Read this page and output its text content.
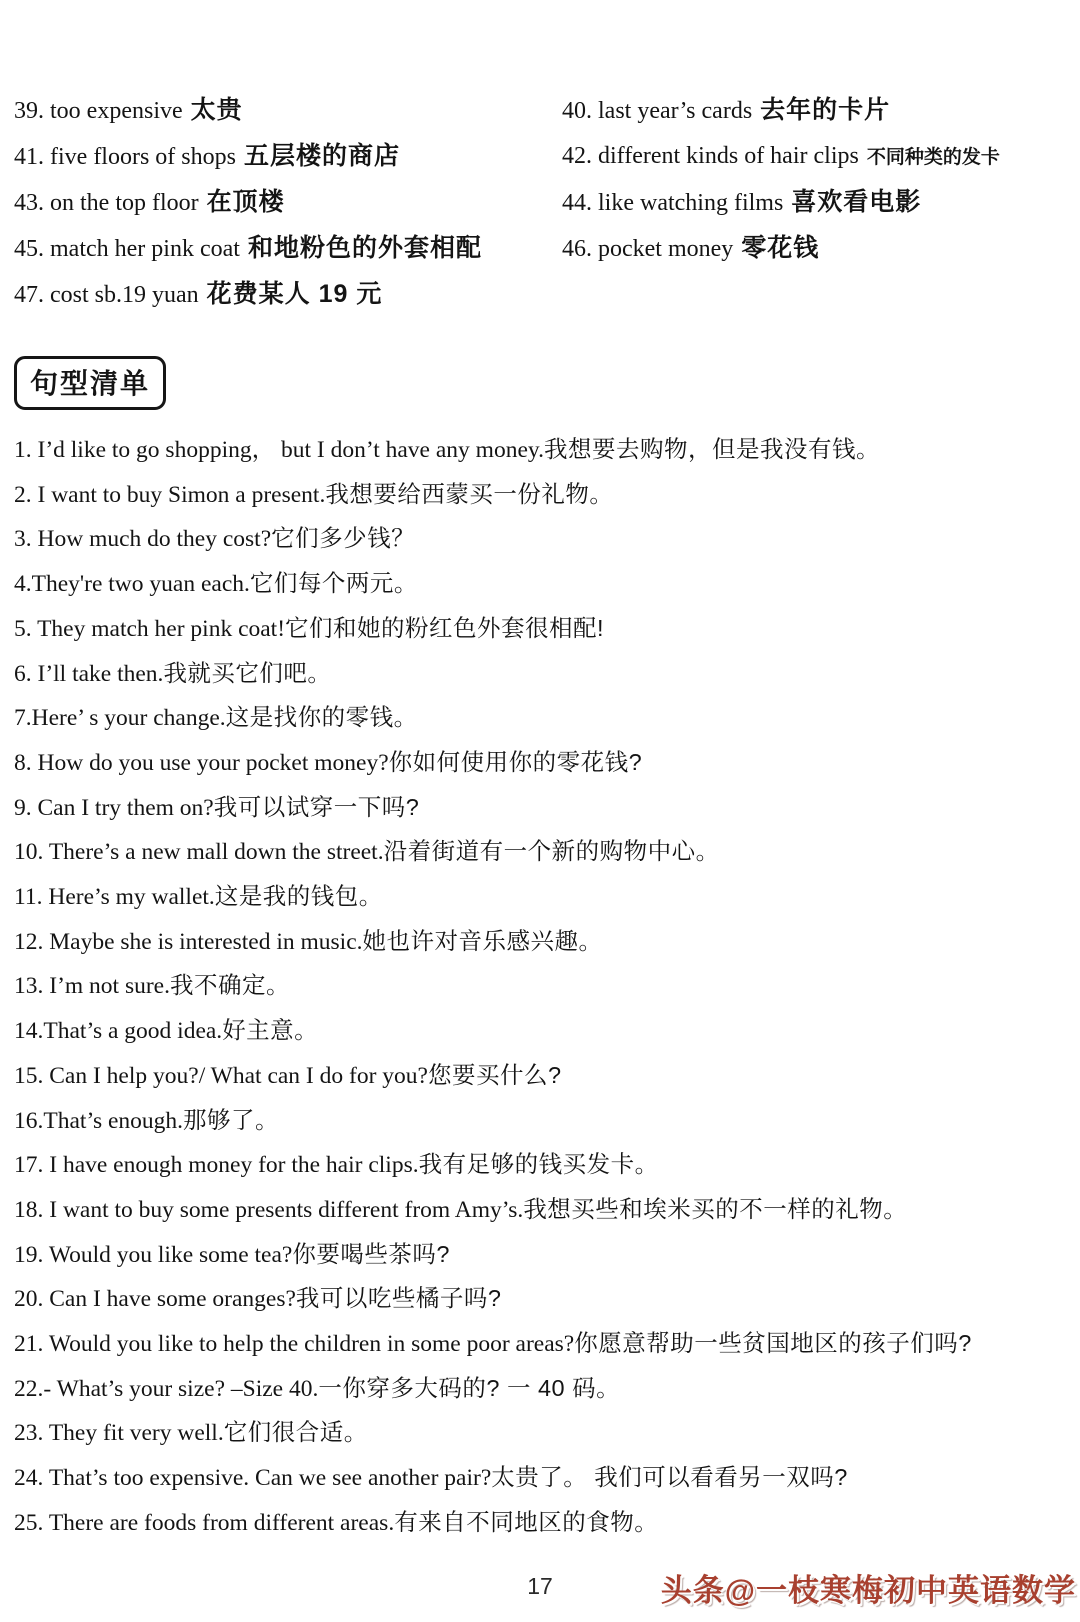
39. too expensive 太贵
41. five floors of shops 五层楼的商店
43. on the top floor 在顶楼
45. match her pink coat 和地粉色的外套相配
47. cost sb.19 yuan 花费某人 19 元
40. last year’s cards 去年的卡片
42. different kinds of hair clips 不同种类的发卡
44. like watching films 喜欢看电影
46. pocket money 零花钱
句型清单
1. I’d like to go shopping， but I don’t have any money.我想要去购物，但是我没有钱。
2. I want to buy Simon a present.我想要给西蒙买一份礼物。
3. How much do they cost?它们多少钱？
4.They're two yuan each.它们每个两元。
5. They match her pink coat!它们和她的粉红色外套很相配!
6. I’ll take then.我就买它们吧。
7.Here’ s your change.这是找你的零钱。
8. How do you use your pocket money?你如何使用你的零花钱?
9. Can I try them on?我可以试穿一下吗?
10. There’s a new mall down the street.沿着街道有一个新的购物中心。
11. Here’s my wallet.这是我的钱包。
12. Maybe she is interested in music.她也许对音乐感兴趣。
13. I’m not sure.我不确定。
14.That’s a good idea.好主意。
15. Can I help you?/ What can I do for you?您要买什么?
16.That’s enough.那够了。
17. I have enough money for the hair clips.我有足够的钱买发卡。
18. I want to buy some presents different from Amy’s.我想买些和埃米买的不一样的礼物。
19. Would you like some tea?你要喝些茶吗?
20. Can I have some oranges?我可以吃些橘子吗?
21. Would you like to help the children in some poor areas?你愿意帮助一些贫国地区的孩子们吗?
22.- What’s your size? –Size 40.一你穿多大码的? 一 40 码。
23. They fit very well.它们很合适。
24. That’s too expensive. Can we see another pair?太贵了。 我们可以看看另一双吗?
25. There are foods from different areas.有来自不同地区的食物。
17	头条@一枝寒梅初中英语数学
